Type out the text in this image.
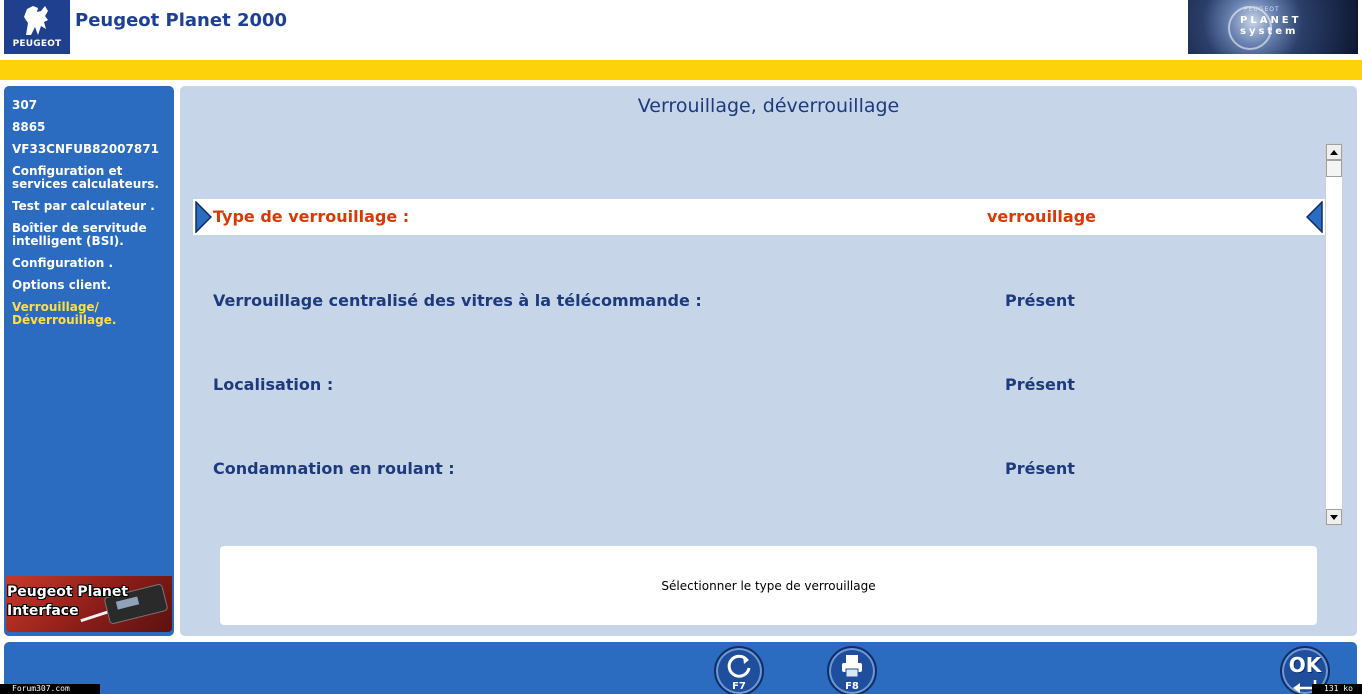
PEUGEOT
Peugeot Planet 2000
PEUGEOT
PLANET system
307
8865
VF33CNFUB82007871
Configuration et services calculateurs.
Test par calculateur .
Boîtier de servitude intelligent (BSI).
Configuration .
Options client.
Verrouillage/ Déverrouillage.
Peugeot Planet
Interface
Verrouillage, déverrouillage
Type de verrouillage :	verrouillage
Verrouillage centralisé des vitres à la télécommande :	Présent
Localisation :	Présent
Condamnation en roulant :	Présent
Sélectionner le type de verrouillage
F7	F8
OK
Forum307.com	131 ko
